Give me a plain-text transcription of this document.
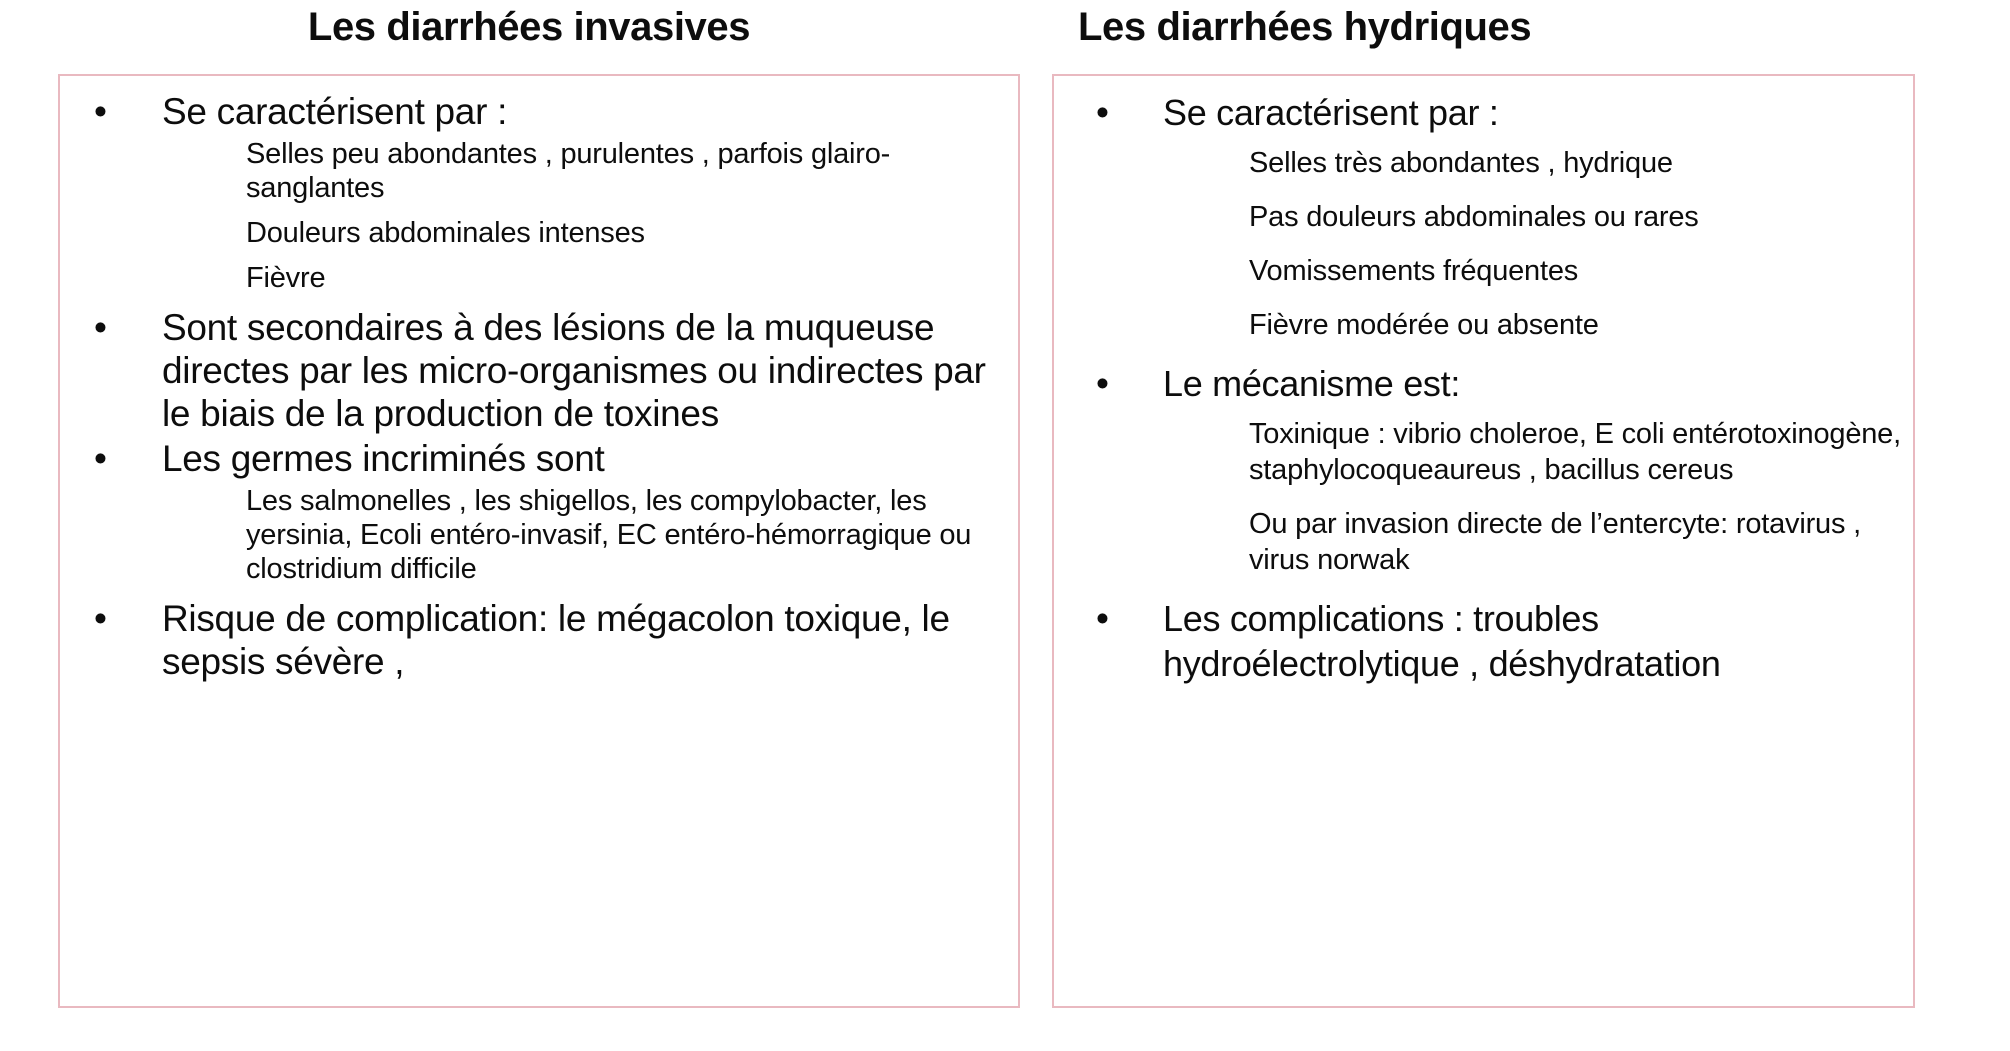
Les diarrhées invasives
• Se caractérisent par :
Selles peu abondantes , purulentes , parfois glairo-sanglantes
Douleurs abdominales intenses
Fièvre
• Sont secondaires à des lésions de la muqueuse directes par les micro-organismes ou indirectes par le biais de la production de toxines
• Les germes incriminés sont
Les salmonelles , les shigellos, les compylobacter, les yersinia, Ecoli entéro-invasif, EC entéro-hémorragique ou clostridium difficile
• Risque de complication: le mégacolon toxique, le sepsis sévère ,
Les diarrhées hydriques
• Se caractérisent par :
Selles très abondantes , hydrique
Pas douleurs abdominales ou rares
Vomissements fréquentes
Fièvre modérée ou absente
• Le mécanisme est:
Toxinique : vibrio choleroe, E coli entérotoxinogène, staphylocoqueaureus , bacillus cereus
Ou par invasion directe de l’entercyte: rotavirus , virus norwak
• Les complications : troubles hydroélectrolytique , déshydratation
